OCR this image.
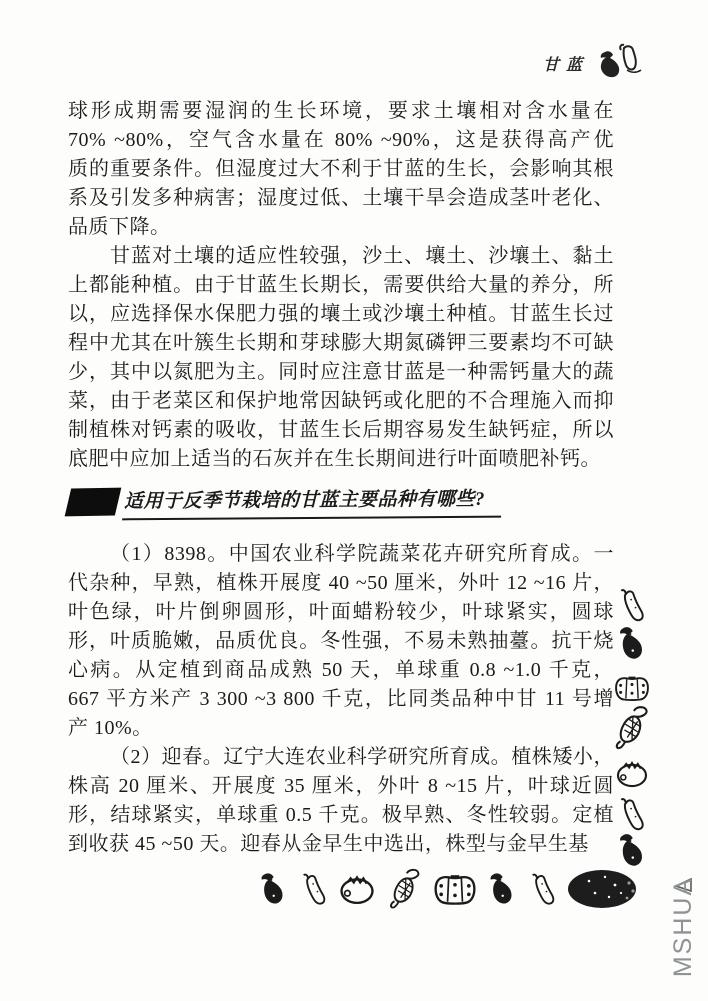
甘蓝
球形成期需要湿润的生长环境，要求土壤相对含水量在
70% ~80%，空气含水量在 80% ~90%，这是获得高产优
质的重要条件。但湿度过大不利于甘蓝的生长，会影响其根
系及引发多种病害；湿度过低、土壤干旱会造成茎叶老化、
品质下降。
甘蓝对土壤的适应性较强，沙土、壤土、沙壤土、黏土
上都能种植。由于甘蓝生长期长，需要供给大量的养分，所
以，应选择保水保肥力强的壤土或沙壤土种植。甘蓝生长过
程中尤其在叶簇生长期和芽球膨大期氮磷钾三要素均不可缺
少，其中以氮肥为主。同时应注意甘蓝是一种需钙量大的蔬
菜，由于老菜区和保护地常因缺钙或化肥的不合理施入而抑
制植株对钙素的吸收，甘蓝生长后期容易发生缺钙症，所以
底肥中应加上适当的石灰并在生长期间进行叶面喷肥补钙。
适用于反季节栽培的甘蓝主要品种有哪些?
（1）8398。中国农业科学院蔬菜花卉研究所育成。一
代杂种，早熟，植株开展度 40 ~50 厘米，外叶 12 ~16 片，
叶色绿，叶片倒卵圆形，叶面蜡粉较少，叶球紧实，圆球
形，叶质脆嫩，品质优良。冬性强，不易未熟抽薹。抗干烧
心病。从定植到商品成熟 50 天，单球重 0.8 ~1.0 千克，
667 平方米产 3 300 ~3 800 千克，比同类品种中甘 11 号增
产 10%。
（2）迎春。辽宁大连农业科学研究所育成。植株矮小，
株高 20 厘米、开展度 35 厘米，外叶 8 ~15 片，叶球近圆
形，结球紧实，单球重 0.5 千克。极早熟、冬性较弱。定植
到收获 45 ~50 天。迎春从金早生中选出，株型与金早生基
MSHUA
